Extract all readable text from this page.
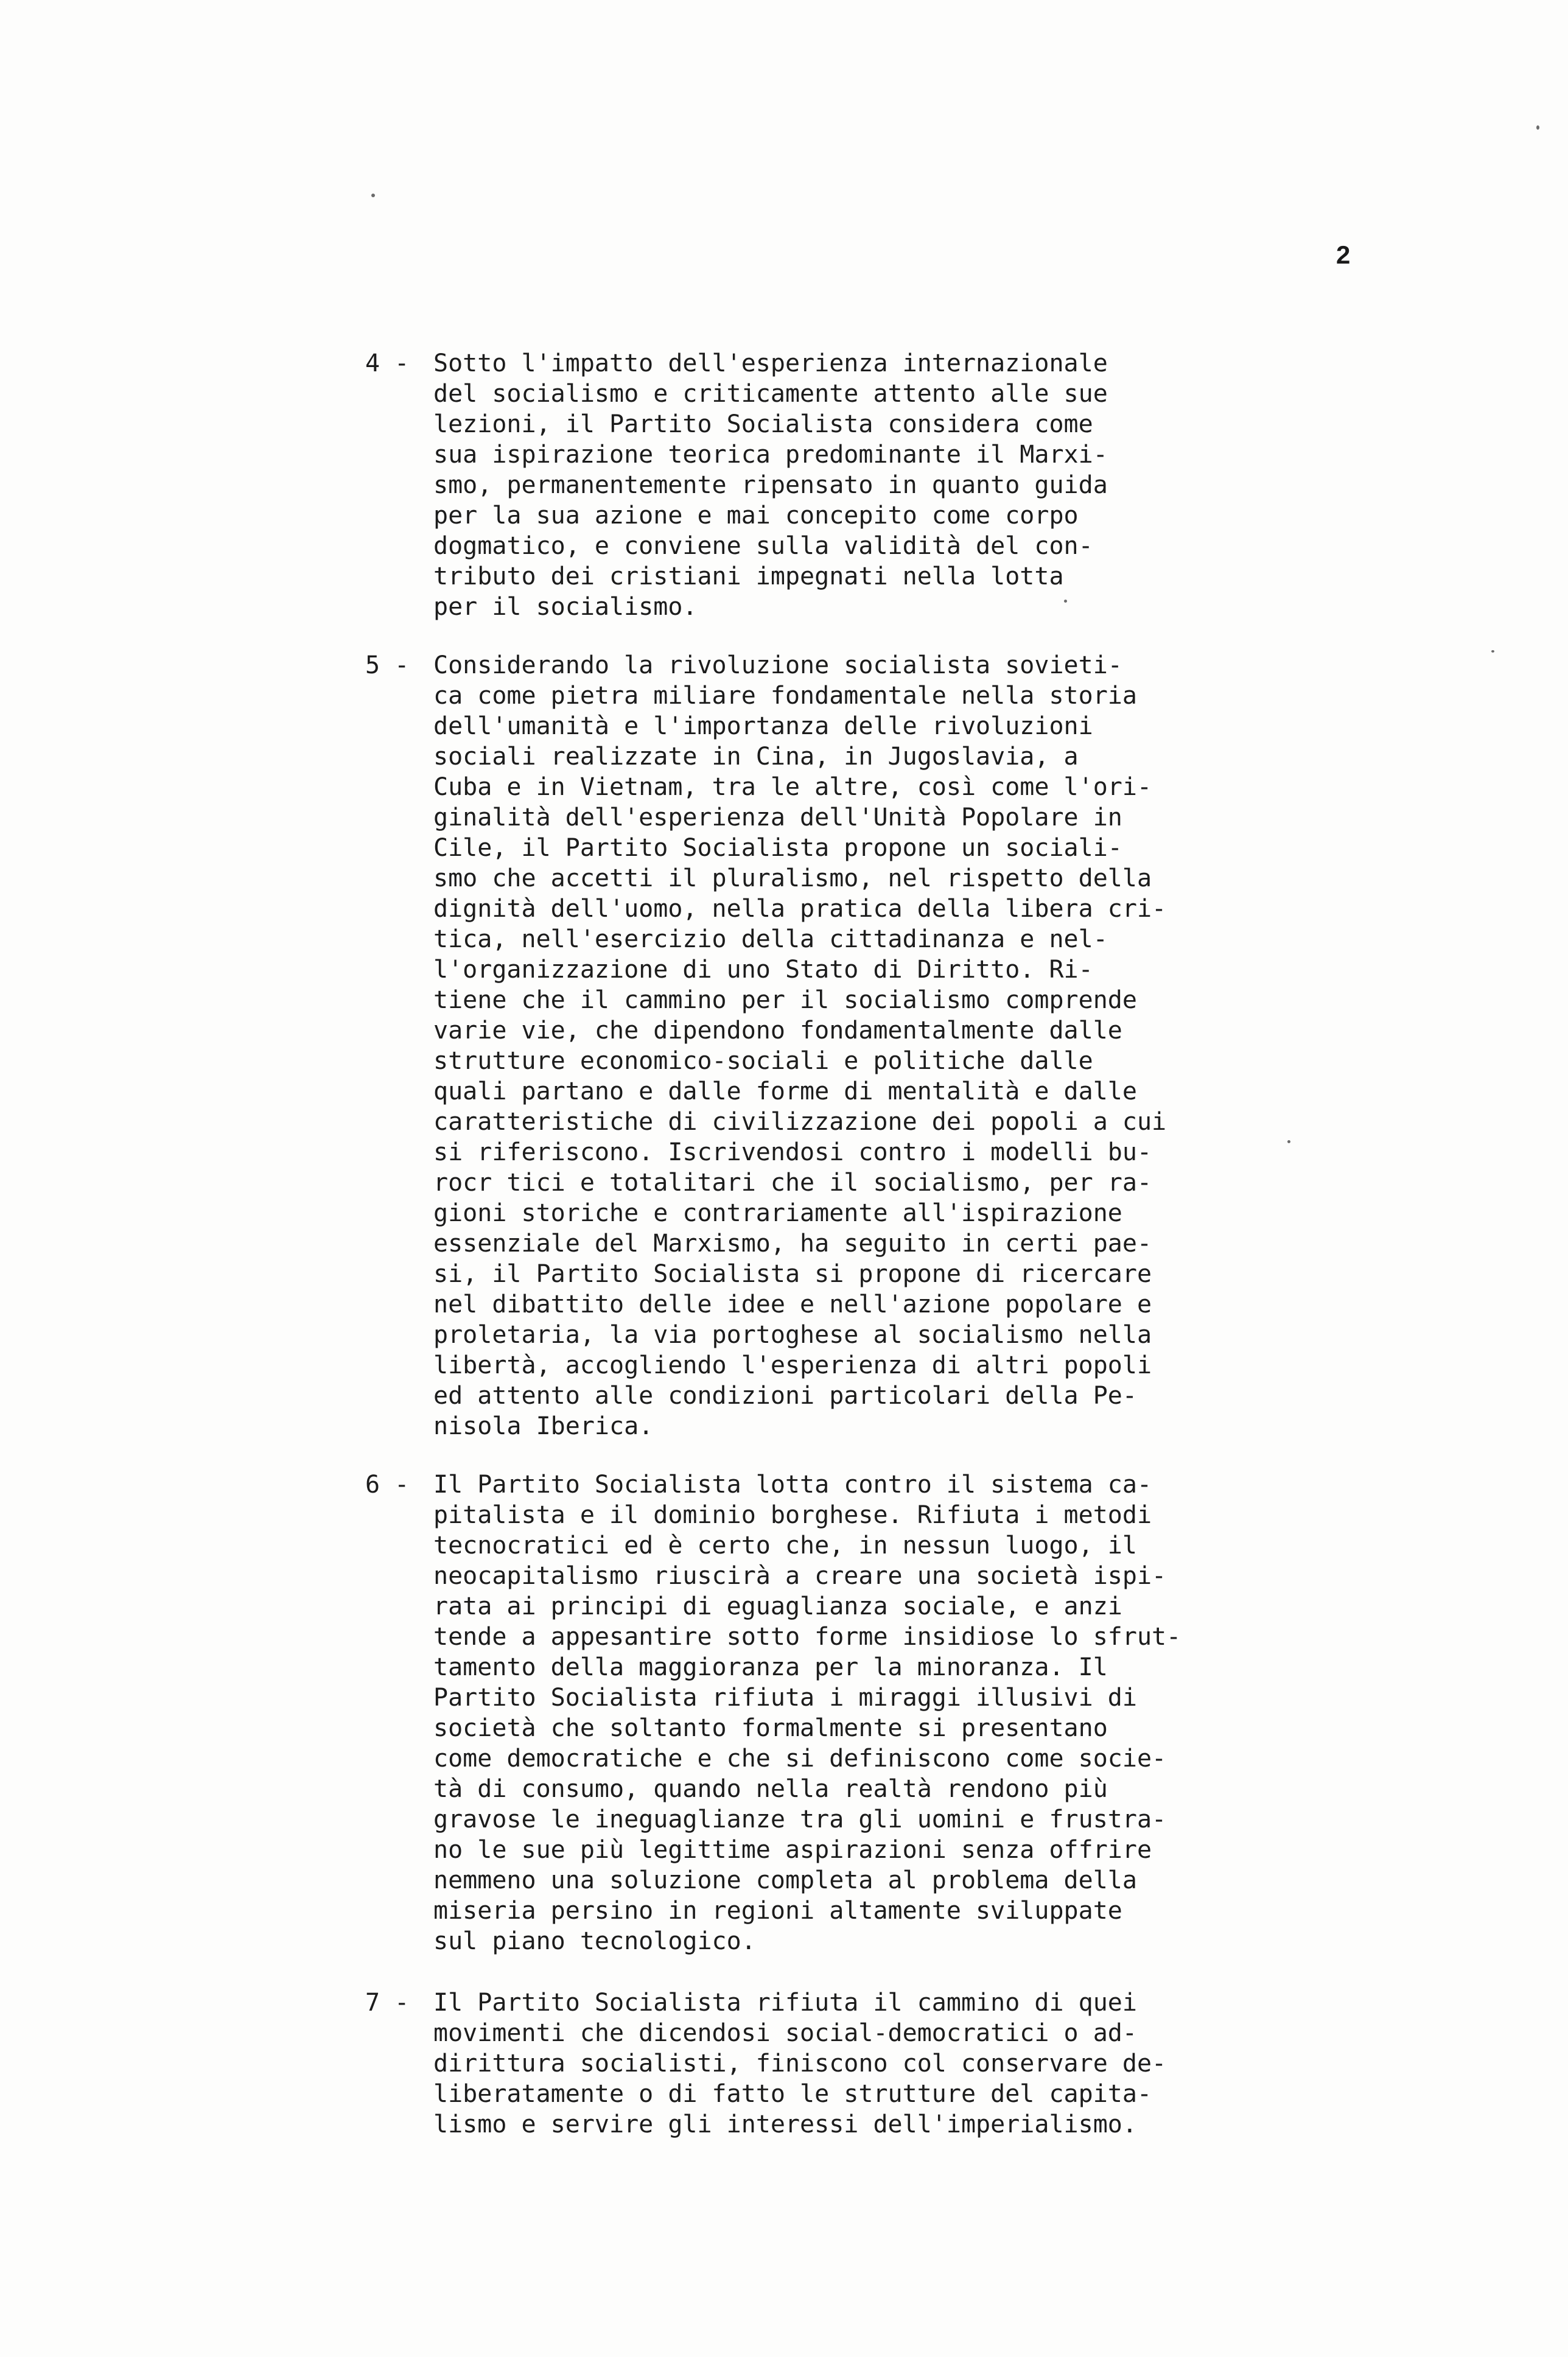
2
4 - Sotto l'impatto dell'esperienza internazionale
del socialismo e criticamente attento alle sue
lezioni, il Partito Socialista considera come
sua ispirazione teorica predominante il Marxi-
smo, permanentemente ripensato in quanto guida
per la sua azione e mai concepito come corpo
dogmatico, e conviene sulla validità del con-
tributo dei cristiani impegnati nella lotta
per il socialismo.
5 - Considerando la rivoluzione socialista sovieti-
ca come pietra miliare fondamentale nella storia
dell'umanità e l'importanza delle rivoluzioni
sociali realizzate in Cina, in Jugoslavia, a
Cuba e in Vietnam, tra le altre, così come l'ori-
ginalità dell'esperienza dell'Unità Popolare in
Cile, il Partito Socialista propone un sociali-
smo che accetti il pluralismo, nel rispetto della
dignità dell'uomo, nella pratica della libera cri-
tica, nell'esercizio della cittadinanza e nel-
l'organizzazione di uno Stato di Diritto. Ri-
tiene che il cammino per il socialismo comprende
varie vie, che dipendono fondamentalmente dalle
strutture economico-sociali e politiche dalle
quali partano e dalle forme di mentalità e dalle
caratteristiche di civilizzazione dei popoli a cui
si riferiscono. Iscrivendosi contro i modelli bu-
rocr tici e totalitari che il socialismo, per ra-
gioni storiche e contrariamente all'ispirazione
essenziale del Marxismo, ha seguito in certi pae-
si, il Partito Socialista si propone di ricercare
nel dibattito delle idee e nell'azione popolare e
proletaria, la via portoghese al socialismo nella
libertà, accogliendo l'esperienza di altri popoli
ed attento alle condizioni particolari della Pe-
nisola Iberica.
6 - Il Partito Socialista lotta contro il sistema ca-
pitalista e il dominio borghese. Rifiuta i metodi
tecnocratici ed è certo che, in nessun luogo, il
neocapitalismo riuscirà a creare una società ispi-
rata ai principi di eguaglianza sociale, e anzi
tende a appesantire sotto forme insidiose lo sfrut-
tamento della maggioranza per la minoranza. Il
Partito Socialista rifiuta i miraggi illusivi di
società che soltanto formalmente si presentano
come democratiche e che si definiscono come socie-
tà di consumo, quando nella realtà rendono più
gravose le ineguaglianze tra gli uomini e frustra-
no le sue più legittime aspirazioni senza offrire
nemmeno una soluzione completa al problema della
miseria persino in regioni altamente sviluppate
sul piano tecnologico.
7 - Il Partito Socialista rifiuta il cammino di quei
movimenti che dicendosi social-democratici o ad-
dirittura socialisti, finiscono col conservare de-
liberatamente o di fatto le strutture del capita-
lismo e servire gli interessi dell'imperialismo.
